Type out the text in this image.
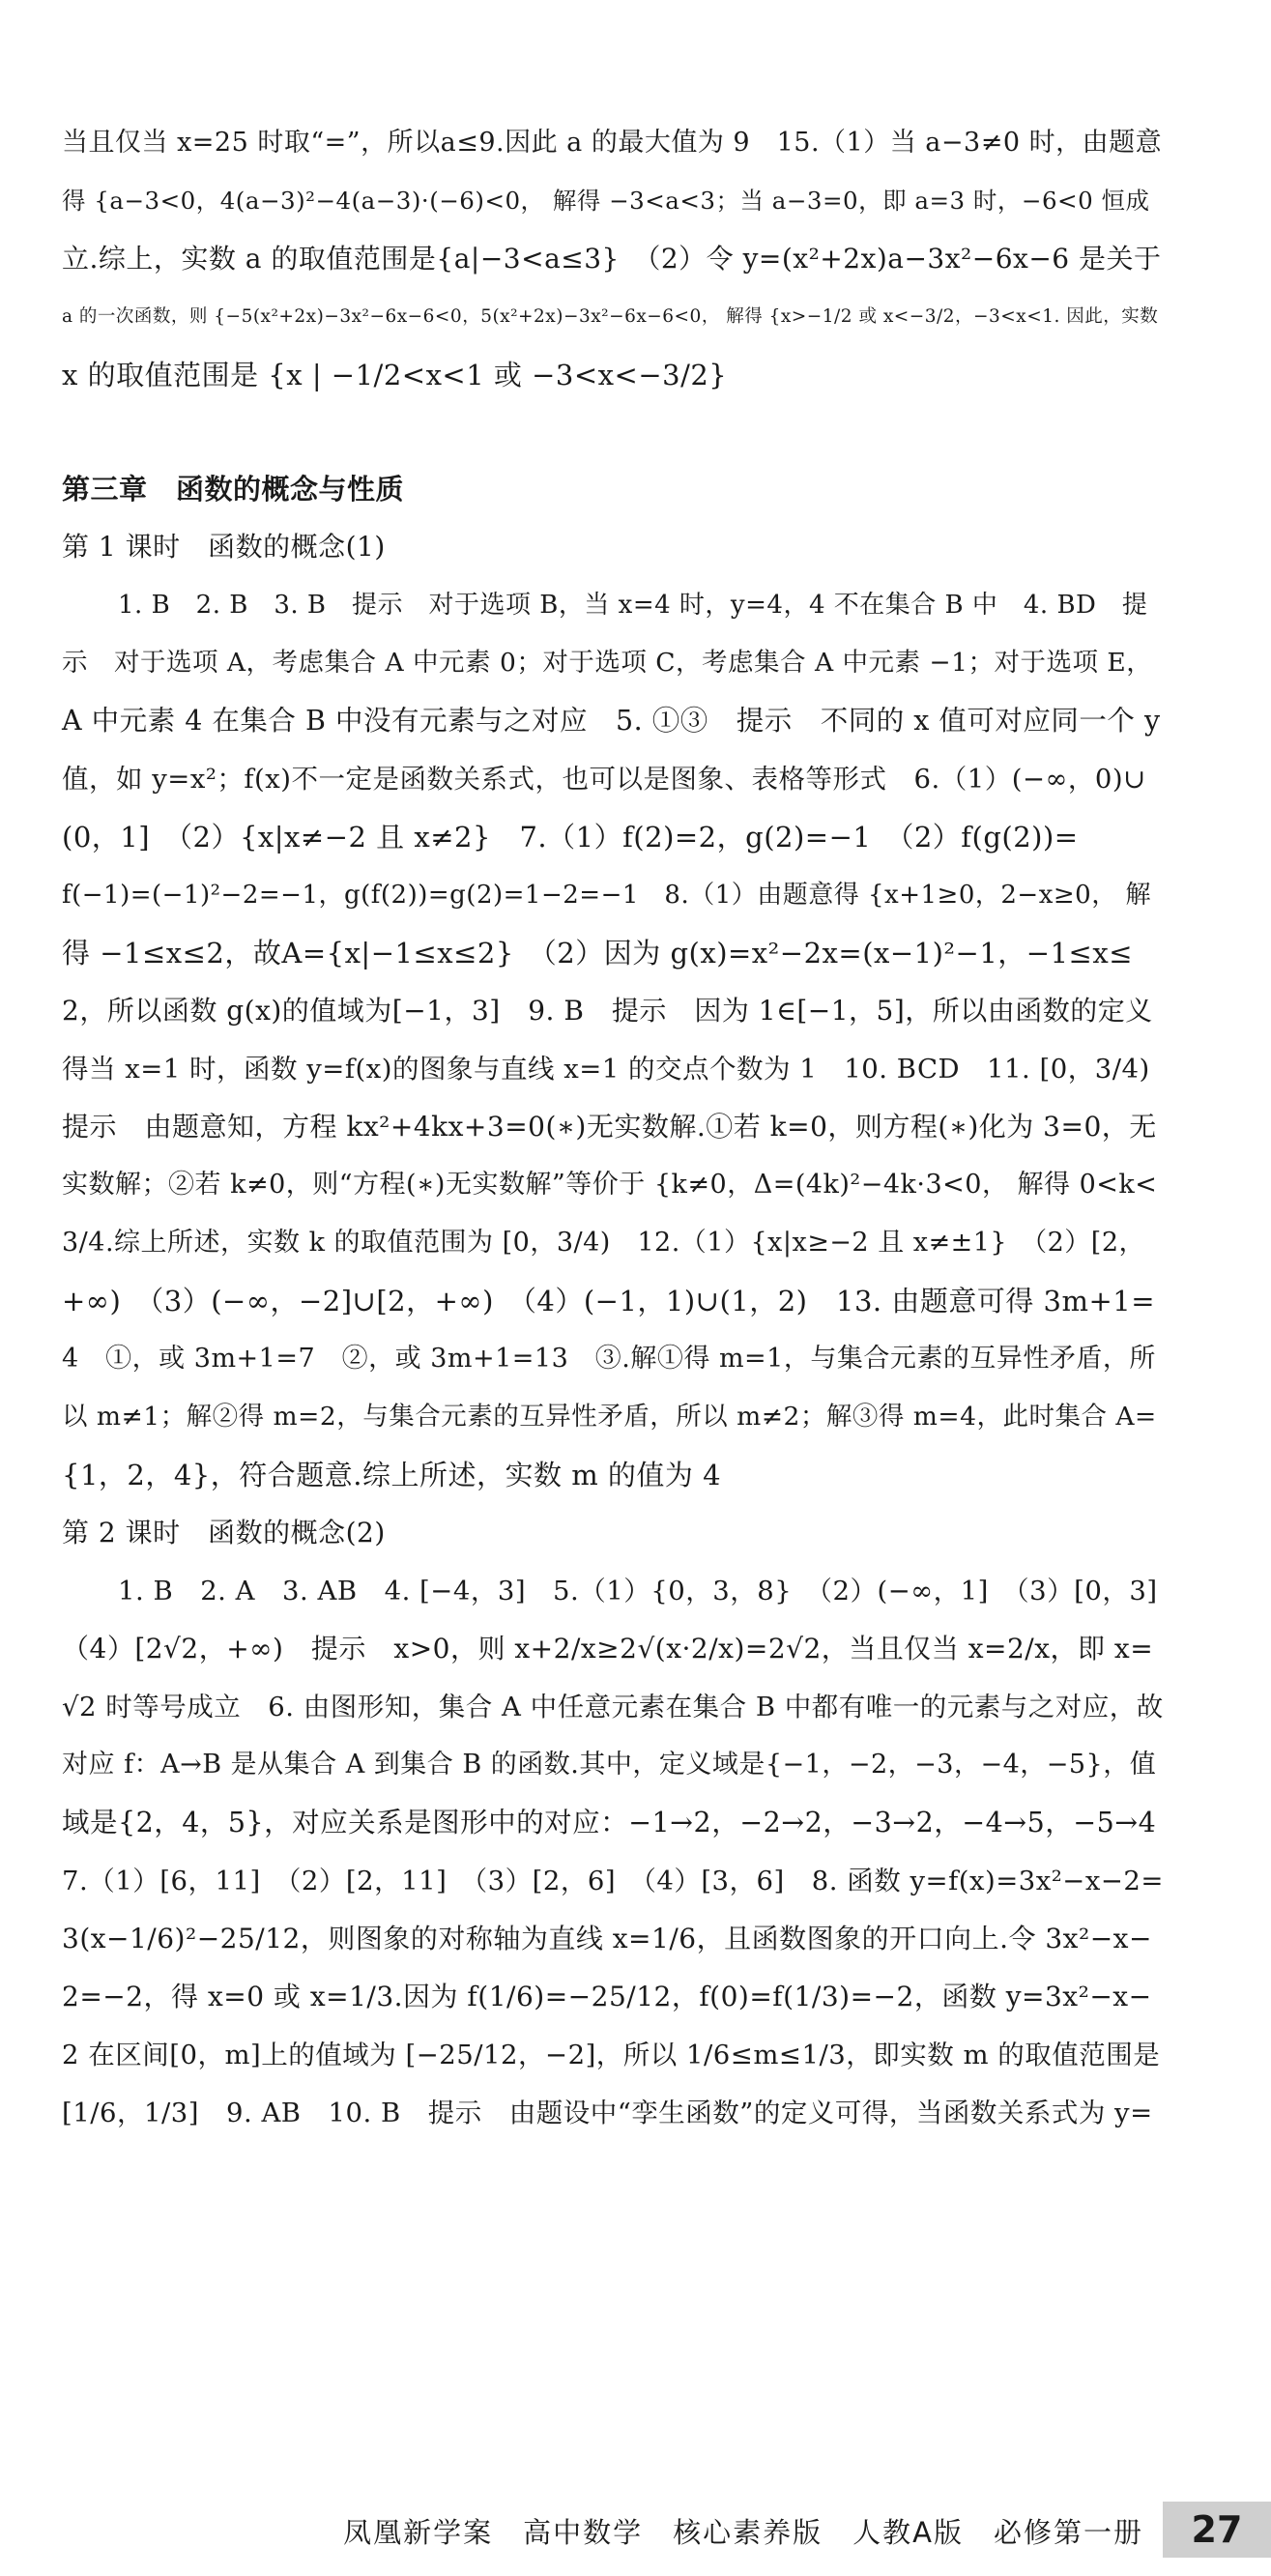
当且仅当 x=25 时取“=”，所以a≤9.因此 a 的最大值为 9　15.（1）当 a−3≠0 时，由题意
得 {a−3<0，4(a−3)²−4(a−3)·(−6)<0， 解得 −3<a<3；当 a−3=0，即 a=3 时，−6<0 恒成
立.综上，实数 a 的取值范围是{a|−3<a≤3}　（2）令 y=(x²+2x)a−3x²−6x−6 是关于
a 的一次函数，则 {−5(x²+2x)−3x²−6x−6<0，5(x²+2x)−3x²−6x−6<0， 解得 {x>−1/2 或 x<−3/2，−3<x<1. 因此，实数
x 的取值范围是 {x | −1/2<x<1 或 −3<x<−3/2}
第三章　函数的概念与性质
第 1 课时　函数的概念(1)
1. B　2. B　3. B　提示　对于选项 B，当 x=4 时，y=4，4 不在集合 B 中　4. BD　提
示　对于选项 A，考虑集合 A 中元素 0；对于选项 C，考虑集合 A 中元素 −1；对于选项 E，
A 中元素 4 在集合 B 中没有元素与之对应　5. ①③　提示　不同的 x 值可对应同一个 y
值，如 y=x²；f(x)不一定是函数关系式，也可以是图象、表格等形式　6.（1）(−∞，0)∪
(0，1]　（2）{x|x≠−2 且 x≠2}　7.（1）f(2)=2，g(2)=−1　（2）f(g(2))=
f(−1)=(−1)²−2=−1，g(f(2))=g(2)=1−2=−1　8.（1）由题意得 {x+1≥0，2−x≥0， 解
得 −1≤x≤2，故A={x|−1≤x≤2}　（2）因为 g(x)=x²−2x=(x−1)²−1，−1≤x≤
2，所以函数 g(x)的值域为[−1，3]　9. B　提示　因为 1∈[−1，5]，所以由函数的定义
得当 x=1 时，函数 y=f(x)的图象与直线 x=1 的交点个数为 1　10. BCD　11. [0，3/4)
提示　由题意知，方程 kx²+4kx+3=0(∗)无实数解.①若 k=0，则方程(∗)化为 3=0，无
实数解；②若 k≠0，则“方程(∗)无实数解”等价于 {k≠0，Δ=(4k)²−4k·3<0， 解得 0<k<
3/4.综上所述，实数 k 的取值范围为 [0，3/4)　12.（1）{x|x≥−2 且 x≠±1}　（2）[2，
+∞)　（3）(−∞，−2]∪[2，+∞)　（4）(−1，1)∪(1，2)　13. 由题意可得 3m+1=
4　①，或 3m+1=7　②，或 3m+1=13　③.解①得 m=1，与集合元素的互异性矛盾，所
以 m≠1；解②得 m=2，与集合元素的互异性矛盾，所以 m≠2；解③得 m=4，此时集合 A=
{1，2，4}，符合题意.综上所述，实数 m 的值为 4
第 2 课时　函数的概念(2)
1. B　2. A　3. AB　4. [−4，3]　5.（1）{0，3，8}　（2）(−∞，1]　（3）[0，3]
（4）[2√2，+∞)　提示　x>0，则 x+2/x≥2√(x·2/x)=2√2，当且仅当 x=2/x，即 x=
√2 时等号成立　6. 由图形知，集合 A 中任意元素在集合 B 中都有唯一的元素与之对应，故
对应 f：A→B 是从集合 A 到集合 B 的函数.其中，定义域是{−1，−2，−3，−4，−5}，值
域是{2，4，5}，对应关系是图形中的对应：−1→2，−2→2，−3→2，−4→5，−5→4
7.（1）[6，11]　（2）[2，11]　（3）[2，6]　（4）[3，6]　8. 函数 y=f(x)=3x²−x−2=
3(x−1/6)²−25/12，则图象的对称轴为直线 x=1/6，且函数图象的开口向上.令 3x²−x−
2=−2，得 x=0 或 x=1/3.因为 f(1/6)=−25/12，f(0)=f(1/3)=−2，函数 y=3x²−x−
2 在区间[0，m]上的值域为 [−25/12，−2]，所以 1/6≤m≤1/3，即实数 m 的取值范围是
[1/6，1/3]　9. AB　10. B　提示　由题设中“孪生函数”的定义可得，当函数关系式为 y=
凤凰新学案　高中数学　核心素养版　人教A版　必修第一册	27
